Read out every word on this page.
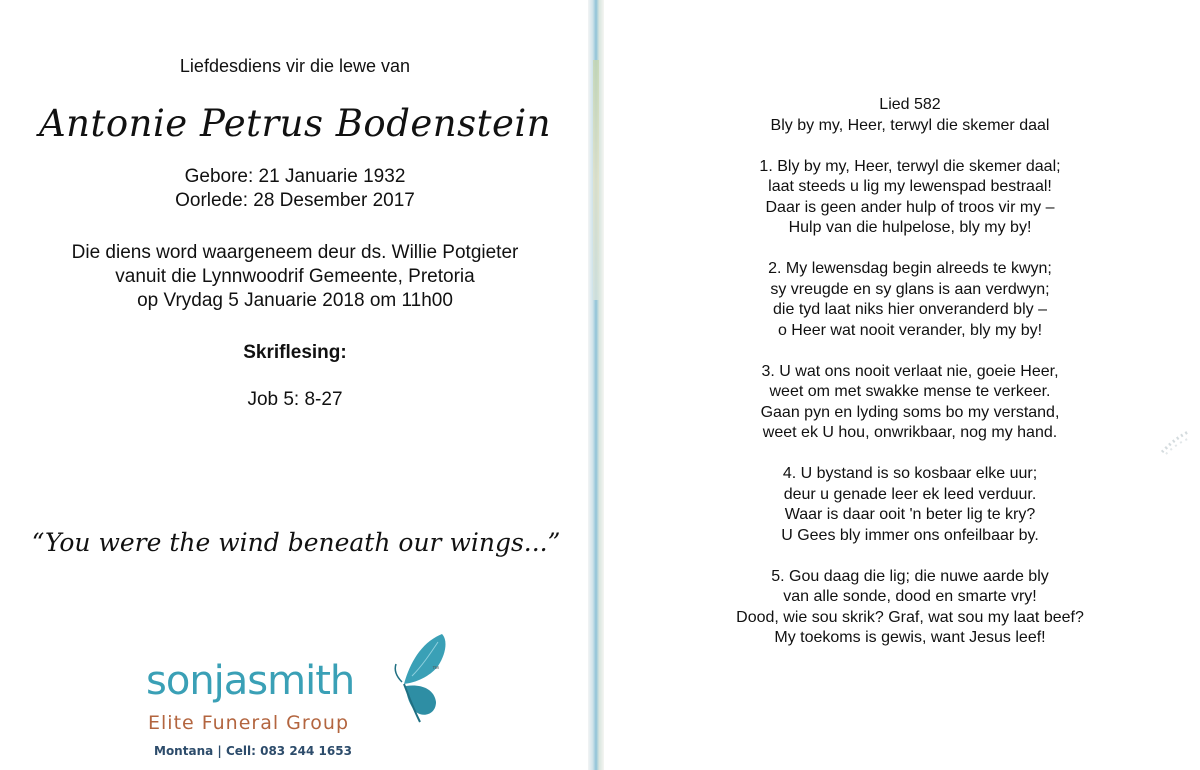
Liefdesdiens vir die lewe van
Antonie Petrus Bodenstein
Gebore: 21 Januarie 1932
Oorlede: 28 Desember 2017
Die diens word waargeneem deur ds. Willie Potgieter
vanuit die Lynnwoodrif Gemeente, Pretoria
op Vrydag 5 Januarie 2018 om 11h00
Skriflesing:
Job 5: 8-27
“You were the wind beneath our wings...”
sonjasmith	™
Elite Funeral Group
Montana | Cell: 083 244 1653
Lied 582
Bly by my, Heer, terwyl die skemer daal
1. Bly by my, Heer, terwyl die skemer daal;
laat steeds u lig my lewenspad bestraal!
Daar is geen ander hulp of troos vir my –
Hulp van die hulpelose, bly my by!
2. My lewensdag begin alreeds te kwyn;
sy vreugde en sy glans is aan verdwyn;
die tyd laat niks hier onveranderd bly –
o Heer wat nooit verander, bly my by!
3. U wat ons nooit verlaat nie, goeie Heer,
weet om met swakke mense te verkeer.
Gaan pyn en lyding soms bo my verstand,
weet ek U hou, onwrikbaar, nog my hand.
4. U bystand is so kosbaar elke uur;
deur u genade leer ek leed verduur.
Waar is daar ooit 'n beter lig te kry?
U Gees bly immer ons onfeilbaar by.
5. Gou daag die lig; die nuwe aarde bly
van alle sonde, dood en smarte vry!
Dood, wie sou skrik? Graf, wat sou my laat beef?
My toekoms is gewis, want Jesus leef!
